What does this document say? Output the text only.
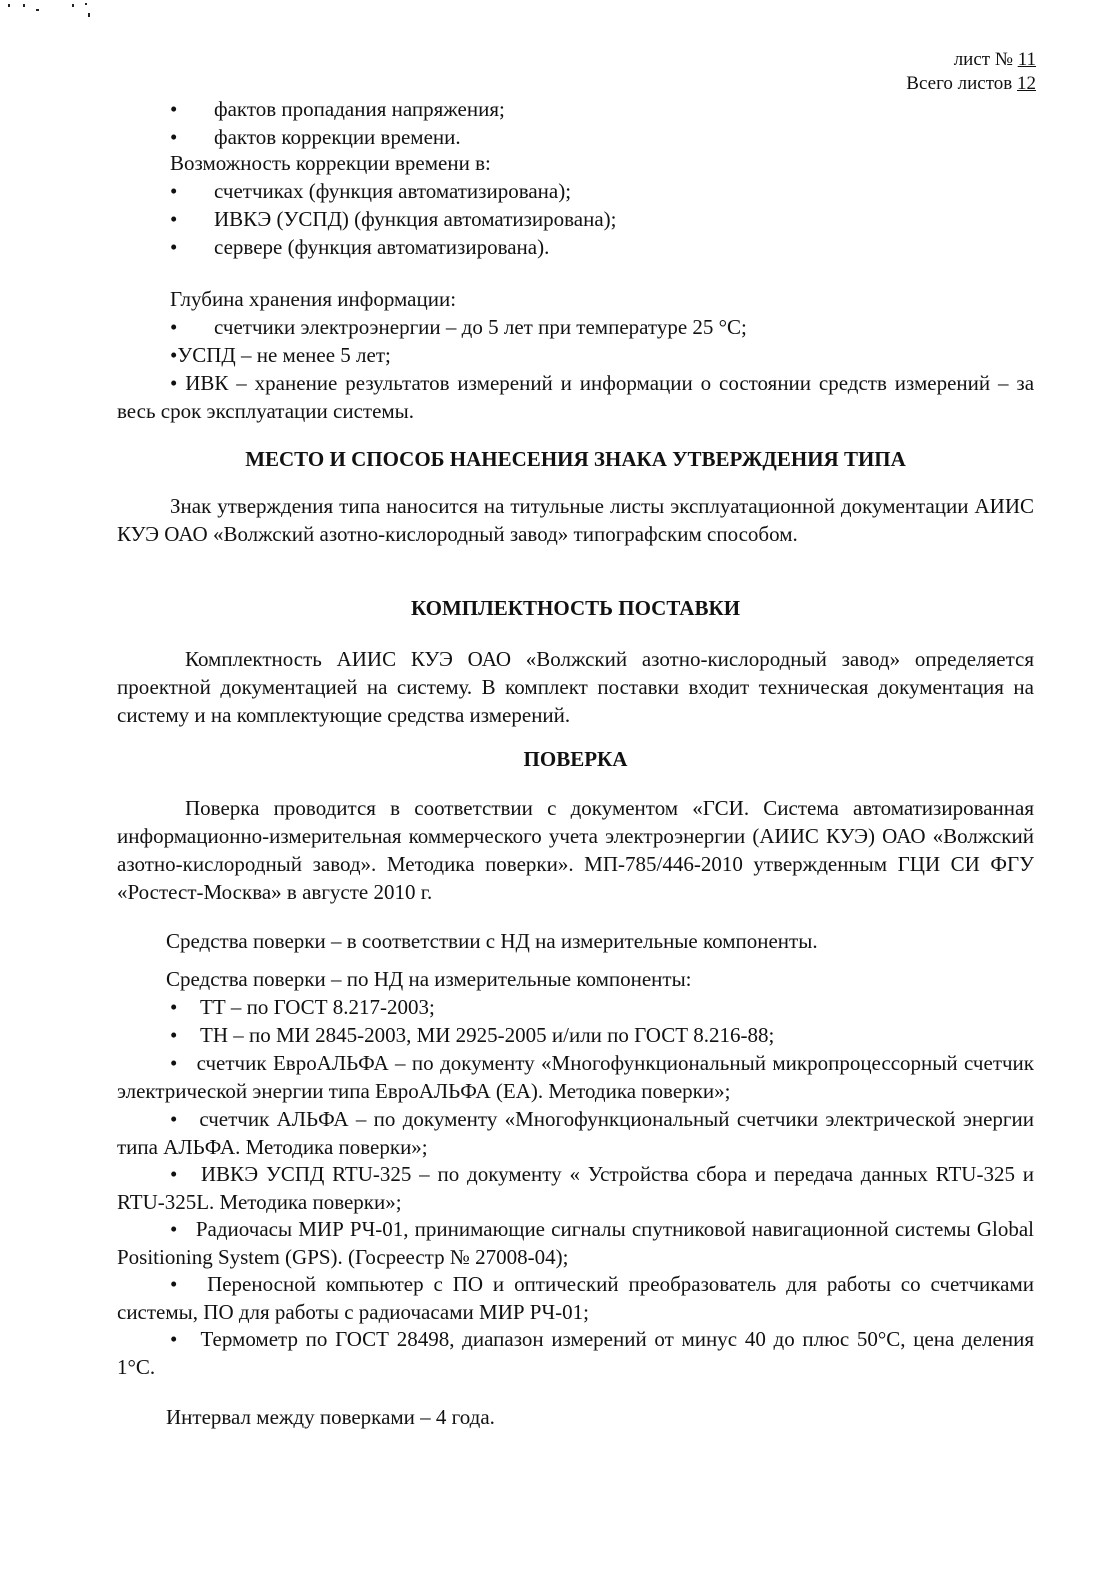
лист № 11
Всего листов 12
• фактов пропадания напряжения;
• фактов коррекции времени.
Возможность коррекции времени в:
• счетчиках (функция автоматизирована);
• ИВКЭ (УСПД) (функция автоматизирована);
• сервере (функция автоматизирована).
Глубина хранения информации:
• счетчики электроэнергии – до 5 лет при температуре 25 °С;
•УСПД – не менее 5 лет;
• ИВК – хранение результатов измерений и информации о состоянии средств измерений – за весь срок эксплуатации системы.
МЕСТО И СПОСОБ НАНЕСЕНИЯ ЗНАКА УТВЕРЖДЕНИЯ ТИПА
Знак утверждения типа наносится на титульные листы эксплуатационной документации АИИС КУЭ ОАО «Волжский азотно-кислородный завод» типографским способом.
КОМПЛЕКТНОСТЬ ПОСТАВКИ
Комплектность АИИС КУЭ ОАО «Волжский азотно-кислородный завод» определяется проектной документацией на систему. В комплект поставки входит техническая документация на систему и на комплектующие средства измерений.
ПОВЕРКА
Поверка проводится в соответствии с документом «ГСИ. Система автоматизированная информационно-измерительная коммерческого учета электроэнергии (АИИС КУЭ) ОАО «Волжский азотно-кислородный завод». Методика поверки». МП-785/446-2010 утвержденным ГЦИ СИ ФГУ «Ростест-Москва» в августе 2010 г.
Средства поверки – в соответствии с НД на измерительные компоненты.
Средства поверки – по НД на измерительные компоненты:
• ТТ – по ГОСТ 8.217-2003;
• ТН – по МИ 2845-2003, МИ 2925-2005 и/или по ГОСТ 8.216-88;
• счетчик ЕвроАЛЬФА – по документу «Многофункциональный микропроцессорный счетчик электрической энергии типа ЕвроАЛЬФА (ЕА). Методика поверки»;
• счетчик АЛЬФА – по документу «Многофункциональный счетчики электрической энергии типа АЛЬФА. Методика поверки»;
• ИВКЭ УСПД RTU-325 – по документу « Устройства сбора и передача данных RTU-325 и RTU-325L. Методика поверки»;
• Радиочасы МИР РЧ-01, принимающие сигналы спутниковой навигационной системы Global Positioning System (GPS). (Госреестр № 27008-04);
• Переносной компьютер с ПО и оптический преобразователь для работы со счетчиками системы, ПО для работы с радиочасами МИР РЧ-01;
• Термометр по ГОСТ 28498, диапазон измерений от минус 40 до плюс 50°С, цена деления 1°С.
Интервал между поверками – 4 года.
